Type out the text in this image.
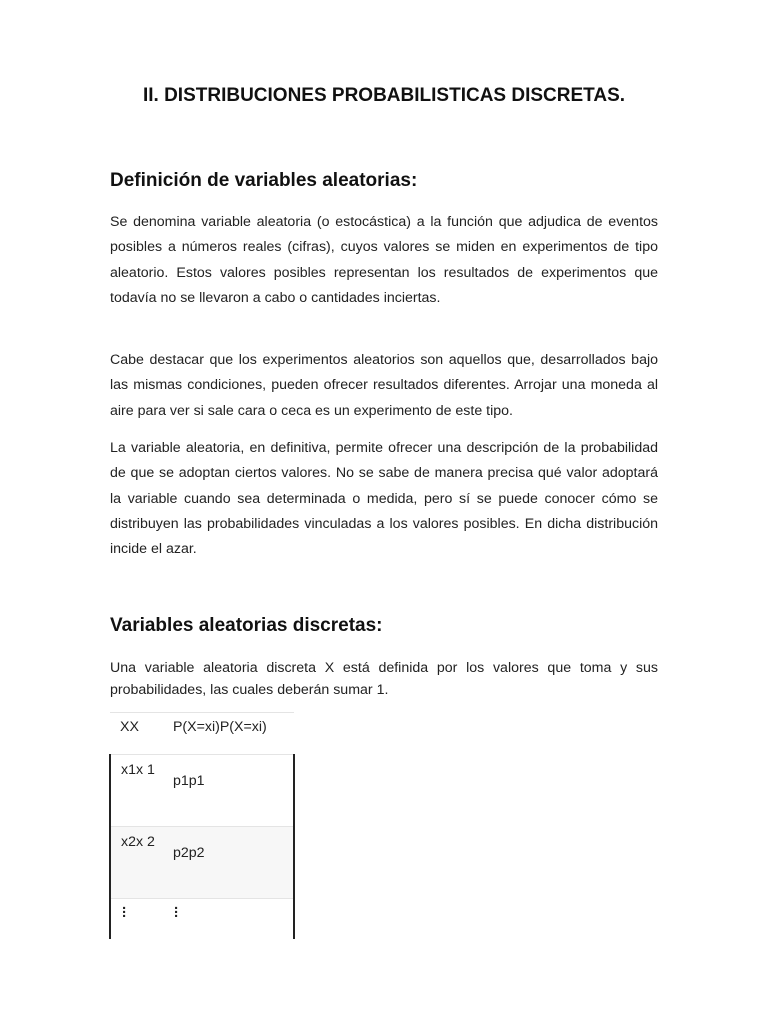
II. DISTRIBUCIONES PROBABILISTICAS DISCRETAS.
Definición de variables aleatorias:

Se denomina variable aleatoria (o estocástica) a la función que adjudica de eventos posibles a números reales (cifras), cuyos valores se miden en experimentos de tipo aleatorio. Estos valores posibles representan los resultados de experimentos que todavía no se llevaron a cabo o cantidades inciertas.

Cabe destacar que los experimentos aleatorios son aquellos que, desarrollados bajo las mismas condiciones, pueden ofrecer resultados diferentes. Arrojar una moneda al aire para ver si sale cara o ceca es un experimento de este tipo.

La variable aleatoria, en definitiva, permite ofrecer una descripción de la probabilidad de que se adoptan ciertos valores. No se sabe de manera precisa qué valor adoptará la variable cuando sea determinada o medida, pero sí se puede conocer cómo se distribuyen las probabilidades vinculadas a los valores posibles. En dicha distribución incide el azar.

Variables aleatorias discretas:

Una variable aleatoria discreta X está definida por los valores que toma y sus probabilidades, las cuales deberán sumar 1.

XX	P(X=xi)P(X=xi)
x1x 1	p1p1
x2x 2	p2p2
⠇	⠇
